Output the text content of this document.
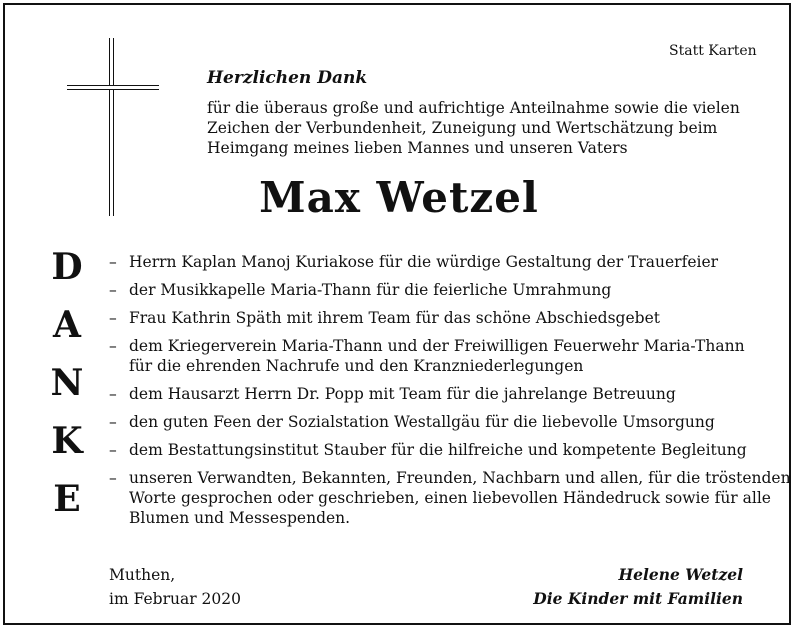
Statt Karten
Herzlichen Dank
für die überaus große und aufrichtige Anteilnahme sowie die vielen
Zeichen der Verbundenheit, Zuneigung und Wertschätzung beim
Heimgang meines lieben Mannes und unseren Vaters
Max Wetzel
D
A
N
K
E
– Herrn Kaplan Manoj Kuriakose für die würdige Gestaltung der Trauerfeier
– der Musikkapelle Maria-Thann für die feierliche Umrahmung
– Frau Kathrin Späth mit ihrem Team für das schöne Abschiedsgebet
– dem Kriegerverein Maria-Thann und der Freiwilligen Feuerwehr Maria-Thann
für die ehrenden Nachrufe und den Kranzniederlegungen
– dem Hausarzt Herrn Dr. Popp mit Team für die jahrelange Betreuung
– den guten Feen der Sozialstation Westallgäu für die liebevolle Umsorgung
– dem Bestattungsinstitut Stauber für die hilfreiche und kompetente Begleitung
– unseren Verwandten, Bekannten, Freunden, Nachbarn und allen, für die tröstenden
Worte gesprochen oder geschrieben, einen liebevollen Händedruck sowie für alle
Blumen und Messespenden.
Muthen,
im Februar 2020
Helene Wetzel
Die Kinder mit Familien
